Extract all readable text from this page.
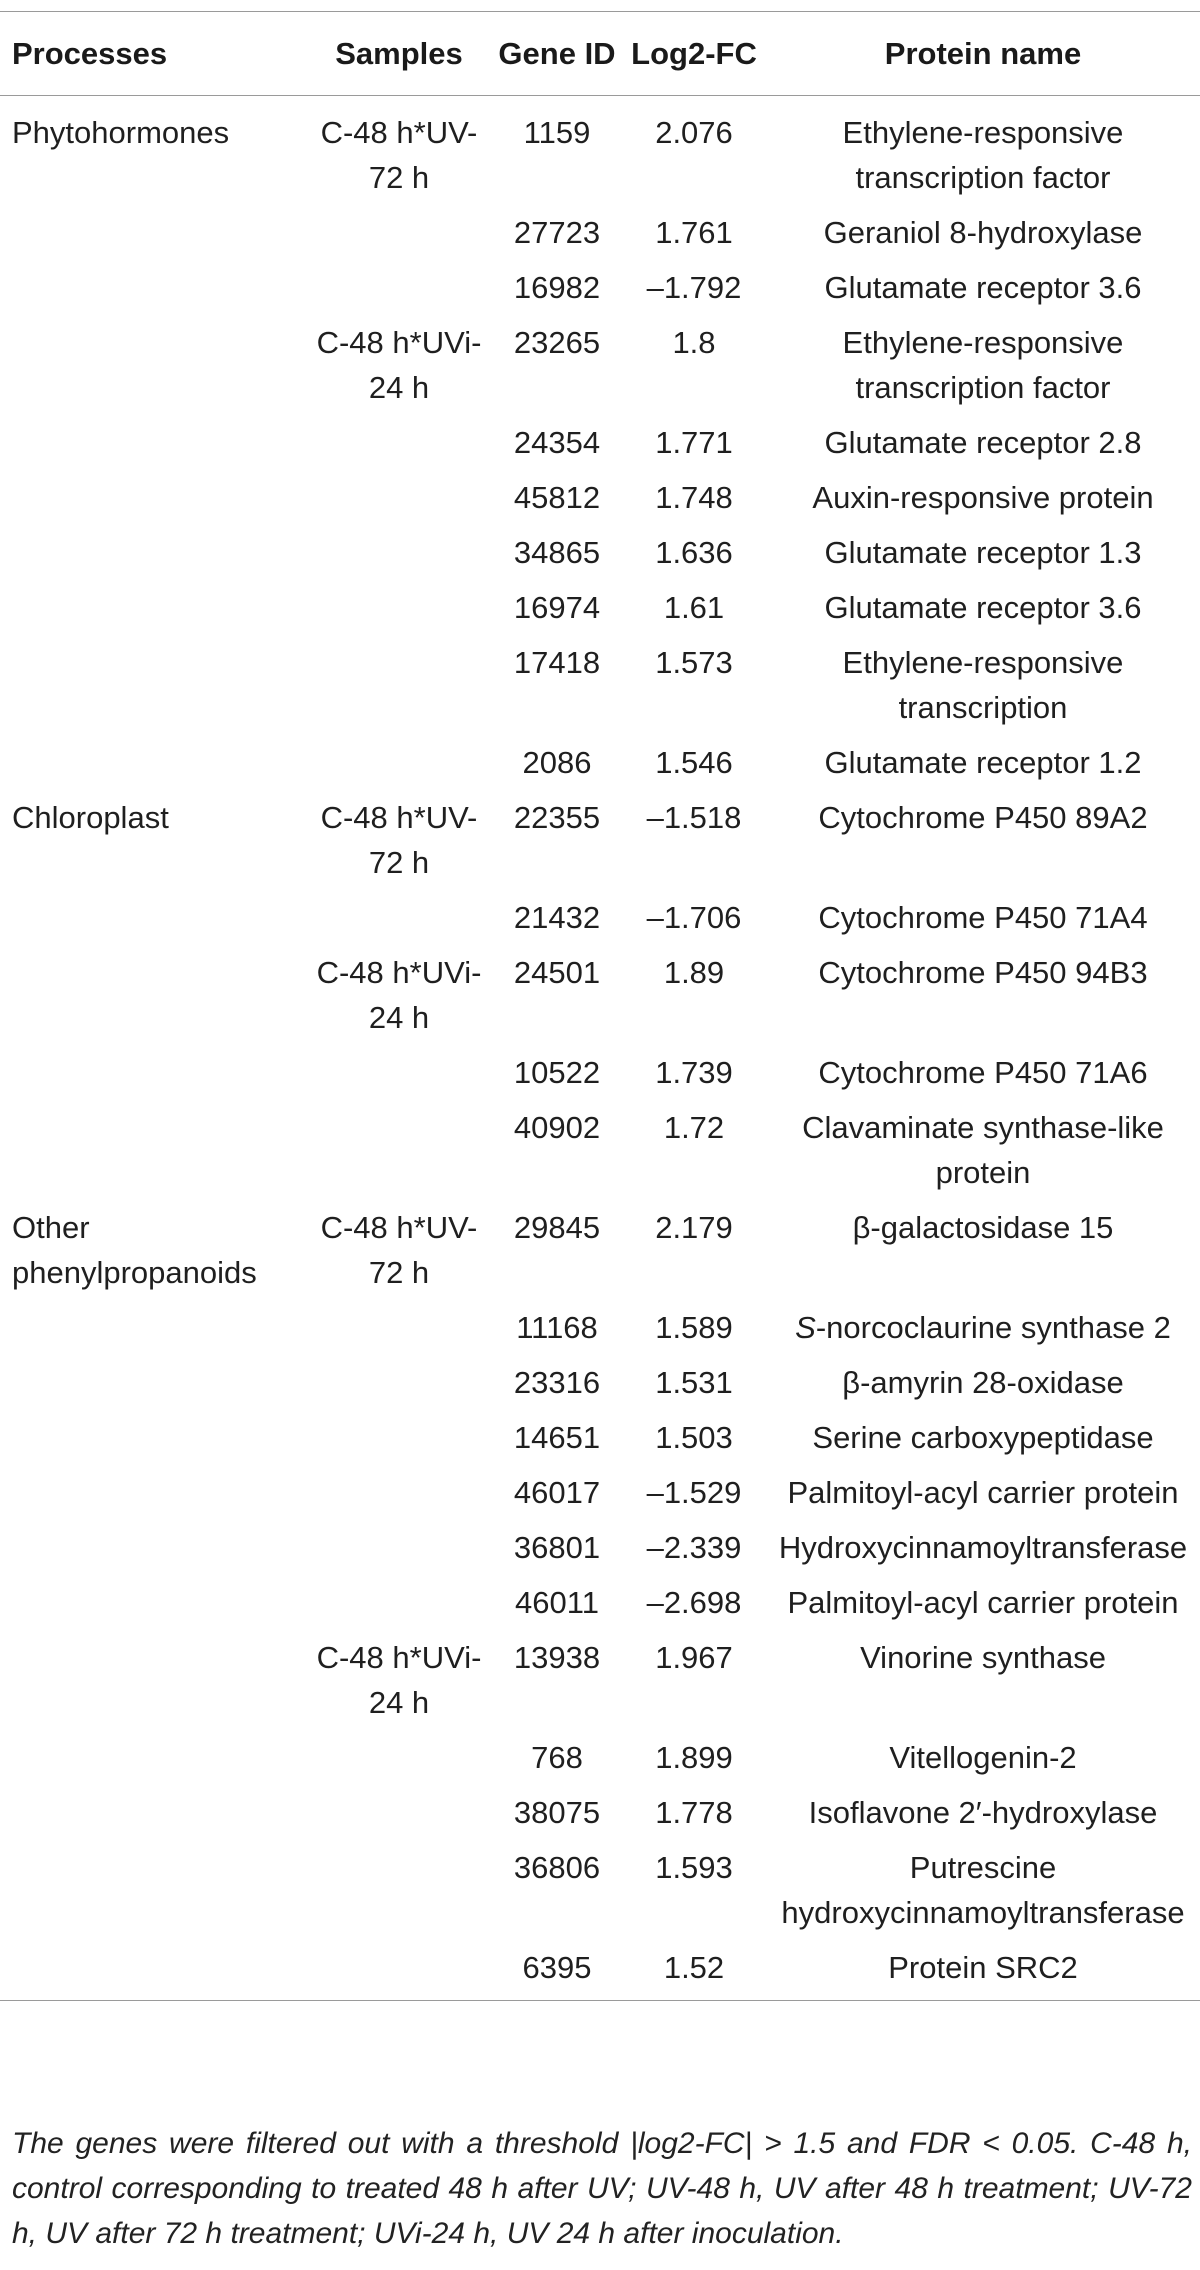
Processes	Samples	Gene ID	Log2-FC	Protein name
Phytohormones	C-48 h*UV-72 h	1159	2.076	Ethylene-responsive transcription factor
		27723	1.761	Geraniol 8-hydroxylase
		16982	–1.792	Glutamate receptor 3.6
	C-48 h*UVi-24 h	23265	1.8	Ethylene-responsive transcription factor
		24354	1.771	Glutamate receptor 2.8
		45812	1.748	Auxin-responsive protein
		34865	1.636	Glutamate receptor 1.3
		16974	1.61	Glutamate receptor 3.6
		17418	1.573	Ethylene-responsive transcription
		2086	1.546	Glutamate receptor 1.2
Chloroplast	C-48 h*UV-72 h	22355	–1.518	Cytochrome P450 89A2
		21432	–1.706	Cytochrome P450 71A4
	C-48 h*UVi-24 h	24501	1.89	Cytochrome P450 94B3
		10522	1.739	Cytochrome P450 71A6
		40902	1.72	Clavaminate synthase-like protein
Other phenylpropanoids	C-48 h*UV-72 h	29845	2.179	β-galactosidase 15
		11168	1.589	S-norcoclaurine synthase 2
		23316	1.531	β-amyrin 28-oxidase
		14651	1.503	Serine carboxypeptidase
		46017	–1.529	Palmitoyl-acyl carrier protein
		36801	–2.339	Hydroxycinnamoyltransferase
		46011	–2.698	Palmitoyl-acyl carrier protein
	C-48 h*UVi-24 h	13938	1.967	Vinorine synthase
		768	1.899	Vitellogenin-2
		38075	1.778	Isoflavone 2′-hydroxylase
		36806	1.593	Putrescine hydroxycinnamoyltransferase
		6395	1.52	Protein SRC2

The genes were filtered out with a threshold |log2-FC| > 1.5 and FDR < 0.05. C-48 h, control corresponding to treated 48 h after UV; UV-48 h, UV after 48 h treatment; UV-72 h, UV after 72 h treatment; UVi-24 h, UV 24 h after inoculation.
